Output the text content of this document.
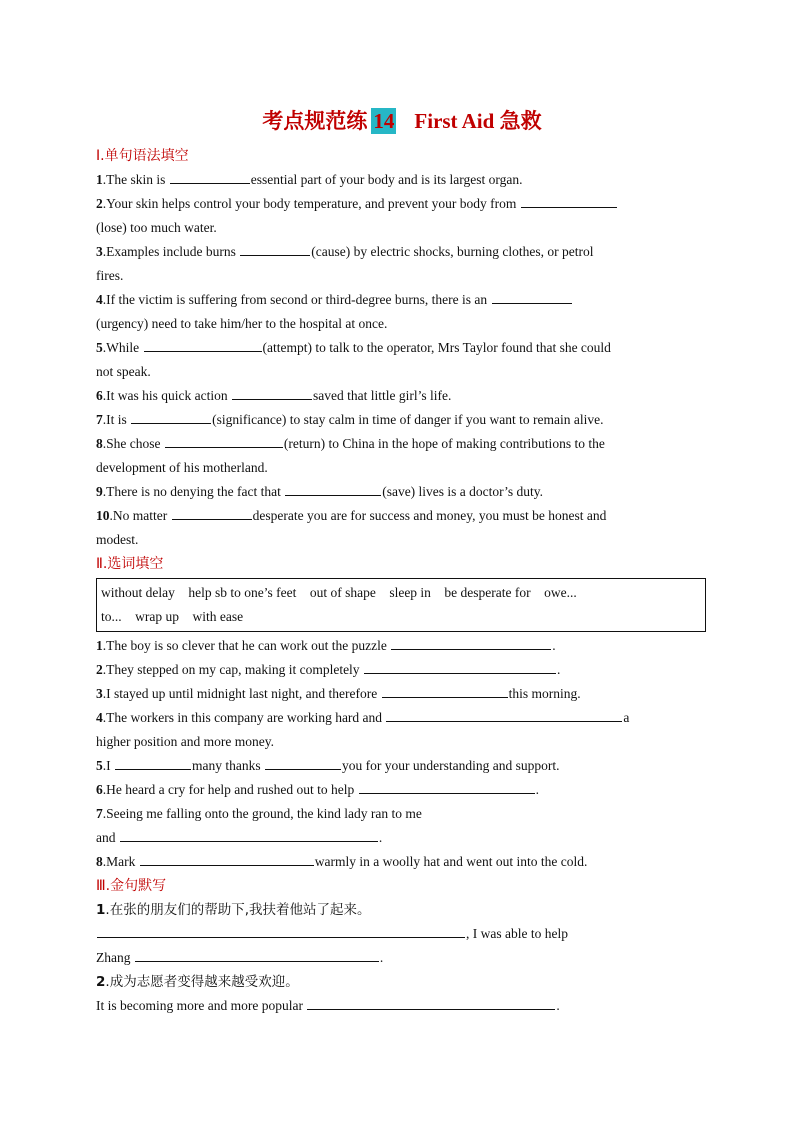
考点规范练 14 First Aid 急救
Ⅰ.单句语法填空
1.The skin is	essential part of your body and is its largest organ.
2.Your skin helps control your body temperature, and prevent your body from
(lose) too much water.
3.Examples include burns	(cause) by electric shocks, burning clothes, or petrol
fires.
4.If the victim is suffering from second or third-degree burns, there is an
(urgency) need to take him/her to the hospital at once.
5.While	(attempt) to talk to the operator, Mrs Taylor found that she could
not speak.
6.It was his quick action	saved that little girl’s life.
7.It is	(significance) to stay calm in time of danger if you want to remain alive.
8.She chose	(return) to China in the hope of making contributions to the
development of his motherland.
9.There is no denying the fact that	(save) lives is a doctor’s duty.
10.No matter	desperate you are for success and money, you must be honest and
modest.
Ⅱ.选词填空
without delay    help sb to one’s feet    out of shape    sleep in    be desperate for    owe...
to...    wrap up    with ease
1.The boy is so clever that he can work out the puzzle	.
2.They stepped on my cap, making it completely	.
3.I stayed up until midnight last night, and therefore	this morning.
4.The workers in this company are working hard and	a
higher position and more money.
5.I	many thanks	you for your understanding and support.
6.He heard a cry for help and rushed out to help	.
7.Seeing me falling onto the ground, the kind lady ran to me
and	.
8.Mark	warmly in a woolly hat and went out into the cold.
Ⅲ.金句默写
1.在张的朋友们的帮助下,我扶着他站了起来。
, I was able to help
Zhang	.
2.成为志愿者变得越来越受欢迎。
It is becoming more and more popular	.
